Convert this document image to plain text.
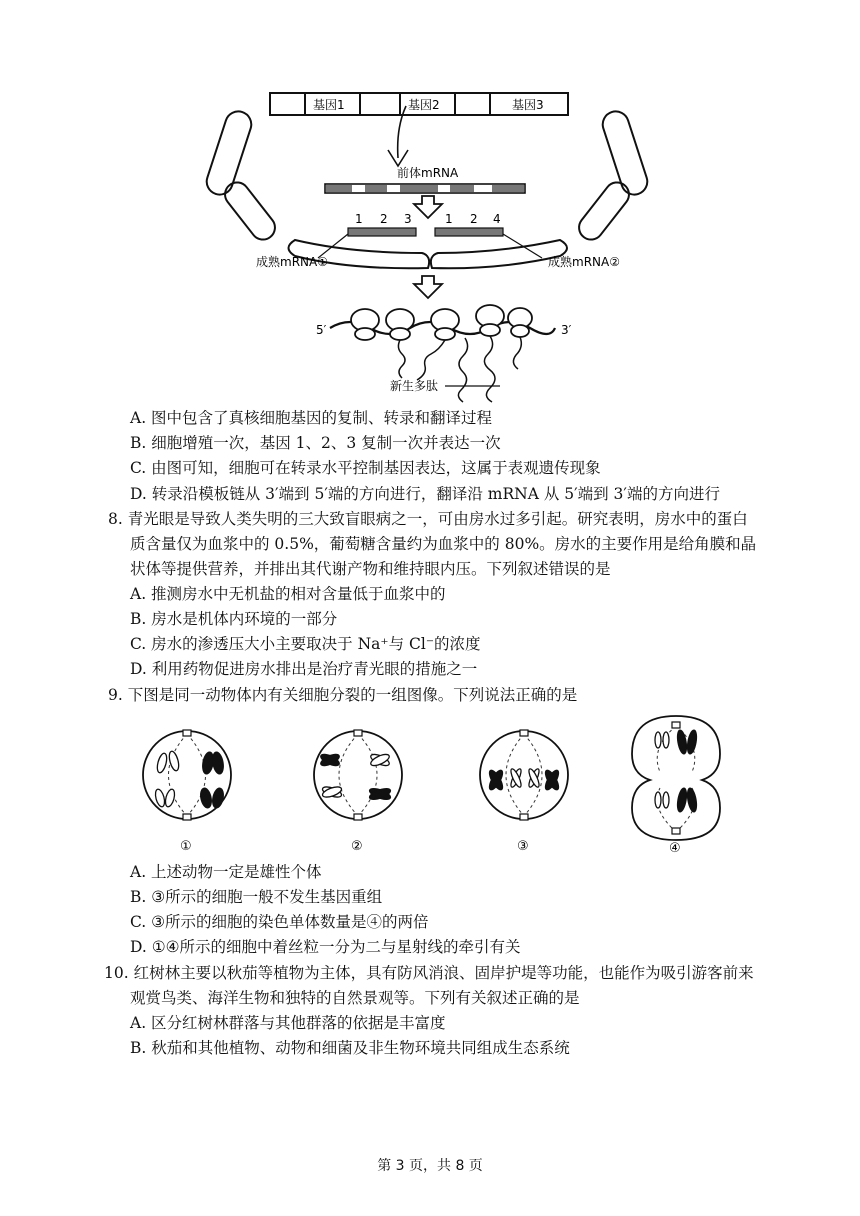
基因1	基因2	基因3
前体mRNA
1 2 3	1 2 4
成熟mRNA①	成熟mRNA②
5′	3′
新生多肽
A. 图中包含了真核细胞基因的复制、转录和翻译过程
B. 细胞增殖一次，基因 1、2、3 复制一次并表达一次
C. 由图可知，细胞可在转录水平控制基因表达，这属于表观遗传现象
D. 转录沿模板链从 3′端到 5′端的方向进行，翻译沿 mRNA 从 5′端到 3′端的方向进行
8. 青光眼是导致人类失明的三大致盲眼病之一，可由房水过多引起。研究表明，房水中的蛋白
质含量仅为血浆中的 0.5%，葡萄糖含量约为血浆中的 80%。房水的主要作用是给角膜和晶
状体等提供营养，并排出其代谢产物和维持眼内压。下列叙述错误的是
A. 推测房水中无机盐的相对含量低于血浆中的
B. 房水是机体内环境的一部分
C. 房水的渗透压大小主要取决于 Na⁺与 Cl⁻的浓度
D. 利用药物促进房水排出是治疗青光眼的措施之一
9. 下图是同一动物体内有关细胞分裂的一组图像。下列说法正确的是
①	②	③	④
A. 上述动物一定是雄性个体
B. ③所示的细胞一般不发生基因重组
C. ③所示的细胞的染色单体数量是④的两倍
D. ①④所示的细胞中着丝粒一分为二与星射线的牵引有关
10. 红树林主要以秋茄等植物为主体，具有防风消浪、固岸护堤等功能，也能作为吸引游客前来
观赏鸟类、海洋生物和独特的自然景观等。下列有关叙述正确的是
A. 区分红树林群落与其他群落的依据是丰富度
B. 秋茄和其他植物、动物和细菌及非生物环境共同组成生态系统
第 3 页，共 8 页
